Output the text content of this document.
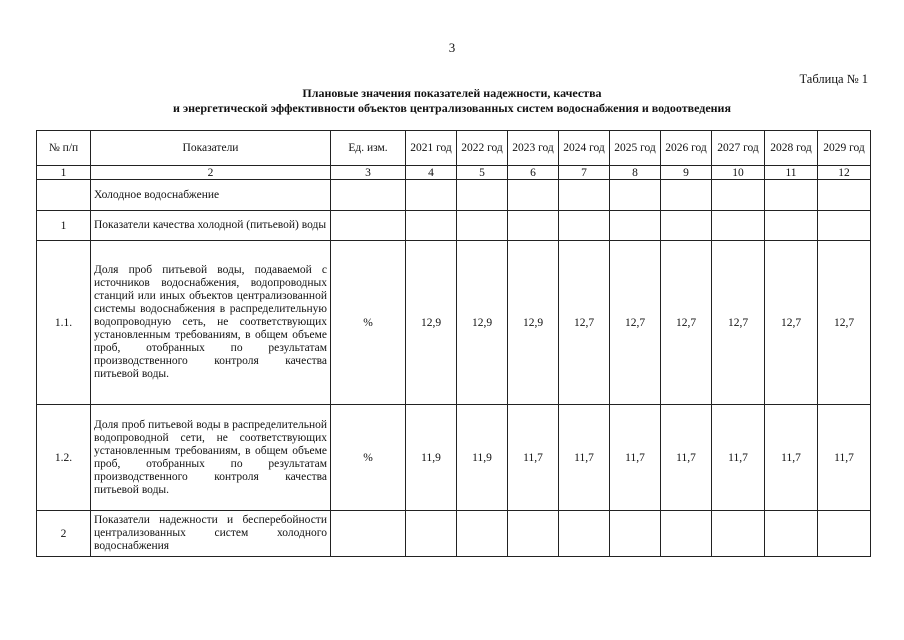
3
Таблица № 1
Плановые значения показателей надежности, качества
и энергетической эффективности объектов централизованных систем водоснабжения и водоотведения
№ п/п	Показатели	Ед. изм.	2021 год	2022 год	2023 год	2024 год	2025 год	2026 год	2027 год	2028 год	2029 год
1	2	3	4	5	6	7	8	9	10	11	12
	Холодное водоснабжение										
1	Показатели качества холодной (питьевой) воды										
1.1.	Доля проб питьевой воды, подаваемой с источников водоснабжения, водопроводных станций или иных объектов централизованной системы водоснабжения в распределительную водопроводную сеть, не соответствующих установленным требованиям, в общем объеме проб, отобранных по результатам производственного контроля качества питьевой воды.	%	12,9	12,9	12,9	12,7	12,7	12,7	12,7	12,7	12,7
1.2.	Доля проб питьевой воды в распределительной водопроводной сети, не соответствующих установленным требованиям, в общем объеме проб, отобранных по результатам производственного контроля качества питьевой воды.	%	11,9	11,9	11,7	11,7	11,7	11,7	11,7	11,7	11,7
2	Показатели надежности и бесперебойности централизованных систем холодного водоснабжения										
